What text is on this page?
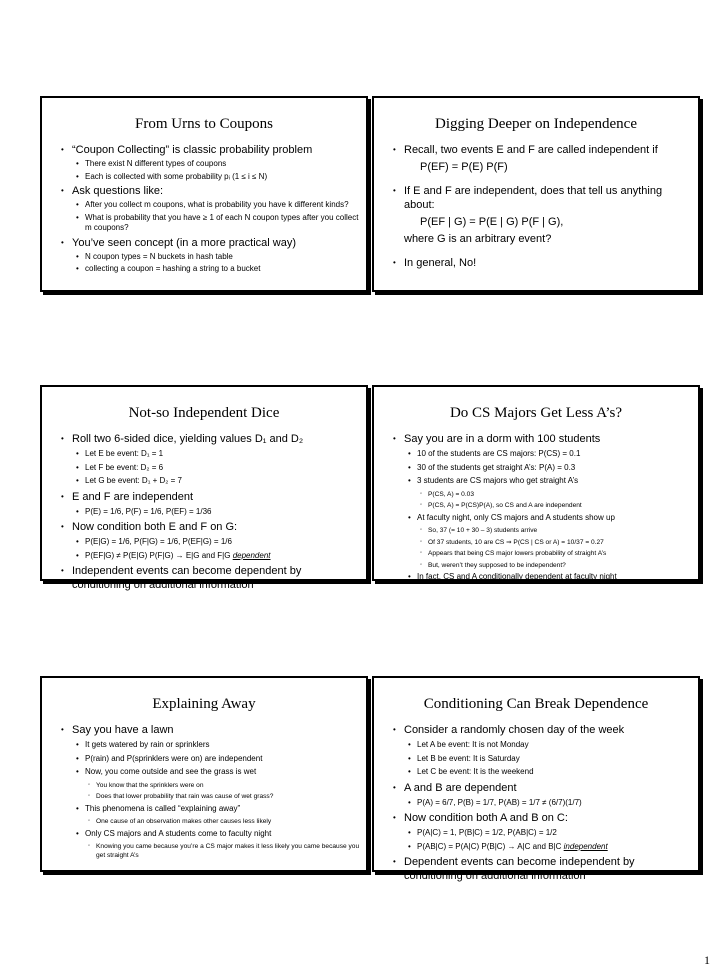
From Urns to Coupons
• “Coupon Collecting” is classic probability problem
• There exist N different types of coupons
• Each is collected with some probability pᵢ (1 ≤ i ≤ N)
• Ask questions like:
• After you collect m coupons, what is probability you have k different kinds?
• What is probability that you have ≥ 1 of each N coupon types after you collect m coupons?
• You’ve seen concept (in a more practical way)
• N coupon types = N buckets in hash table
• collecting a coupon = hashing a string to a bucket
Digging Deeper on Independence
• Recall, two events E and F are called independent if
P(EF) = P(E) P(F)
• If E and F are independent, does that tell us anything about:
P(EF | G) = P(E | G) P(F | G),
where G is an arbitrary event?
• In general, No!
Not-so Independent Dice
• Roll two 6-sided dice, yielding values D₁ and D₂
• Let E be event: D₁ = 1
• Let F be event: D₂ = 6
• Let G be event: D₁ + D₂ = 7
• E and F are independent
• P(E) = 1/6, P(F) = 1/6, P(EF) = 1/36
• Now condition both E and F on G:
• P(E|G) = 1/6, P(F|G) = 1/6, P(EF|G) = 1/6
• P(EF|G) ≠ P(E|G) P(F|G) → E|G and F|G dependent
• Independent events can become dependent by conditioning on additional information
Do CS Majors Get Less A’s?
• Say you are in a dorm with 100 students
• 10 of the students are CS majors: P(CS) = 0.1
• 30 of the students get straight A’s: P(A) = 0.3
• 3 students are CS majors who get straight A’s
◦ P(CS, A) = 0.03
◦ P(CS, A) = P(CS)P(A), so CS and A are independent
• At faculty night, only CS majors and A students show up
◦ So, 37 (= 10 + 30 – 3) students arrive
◦ Of 37 students, 10 are CS ⇒ P(CS | CS or A) = 10/37 = 0.27
◦ Appears that being CS major lowers probability of straight A’s
◦ But, weren’t they supposed to be independent?
• In fact, CS and A conditionally dependent at faculty night
Explaining Away
• Say you have a lawn
• It gets watered by rain or sprinklers
• P(rain) and P(sprinklers were on) are independent
• Now, you come outside and see the grass is wet
◦ You know that the sprinklers were on
◦ Does that lower probability that rain was cause of wet grass?
• This phenomena is called “explaining away”
◦ One cause of an observation makes other causes less likely
• Only CS majors and A students come to faculty night
◦ Knowing you came because you’re a CS major makes it less likely you came because you get straight A’s
Conditioning Can Break Dependence
• Consider a randomly chosen day of the week
• Let A be event: It is not Monday
• Let B be event: It is Saturday
• Let C be event: It is the weekend
• A and B are dependent
• P(A) = 6/7, P(B) = 1/7, P(AB) = 1/7 ≠ (6/7)(1/7)
• Now condition both A and B on C:
• P(A|C) = 1, P(B|C) = 1/2, P(AB|C) = 1/2
• P(AB|C) = P(A|C) P(B|C) → A|C and B|C independent
• Dependent events can become independent by conditioning on additional information
1
